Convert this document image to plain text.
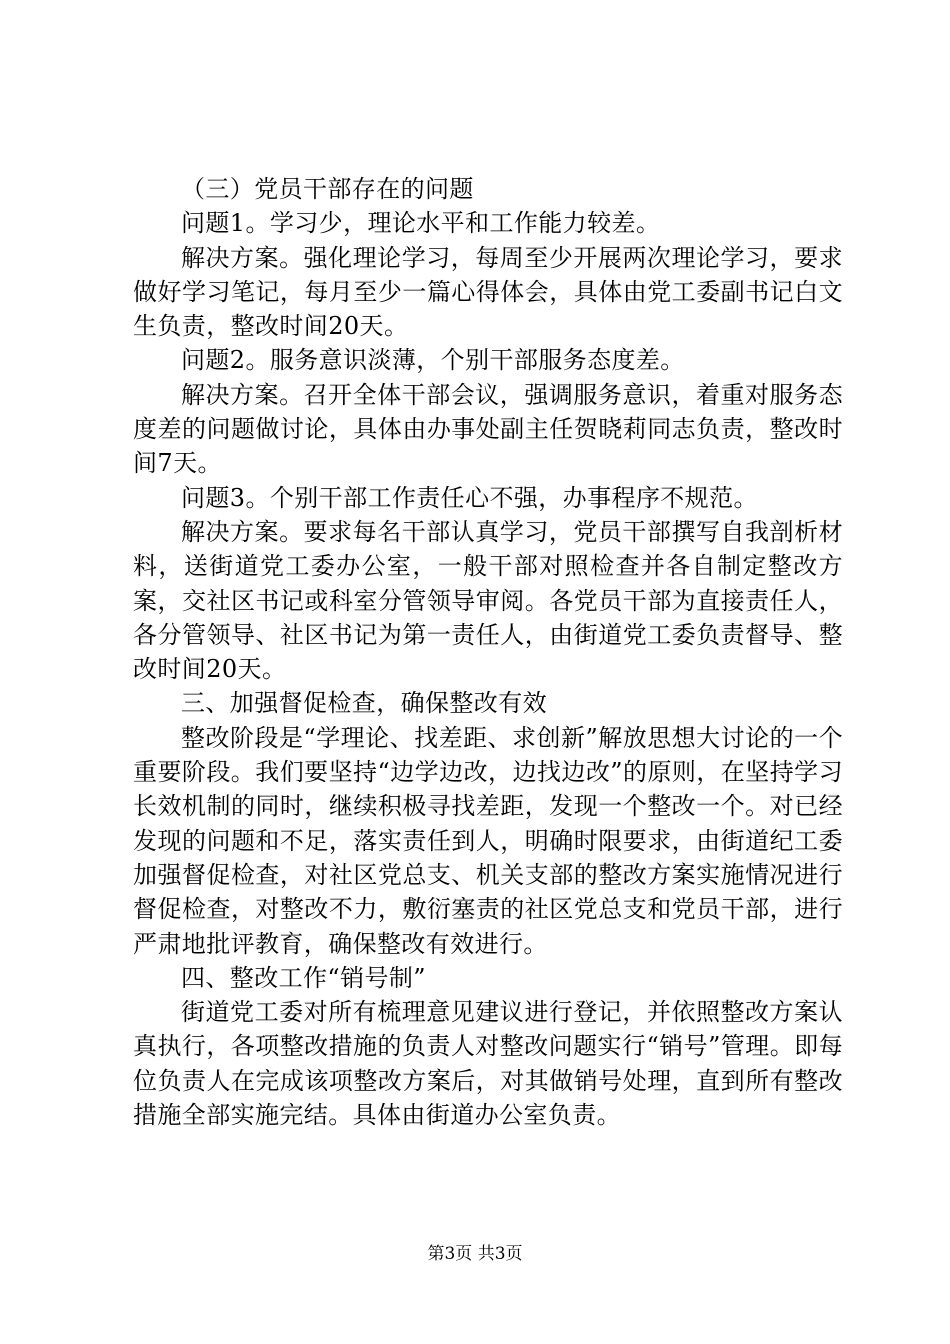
（三）党员干部存在的问题

问题1。学习少，理论水平和工作能力较差。

解决方案。强化理论学习，每周至少开展两次理论学习，要求做好学习笔记，每月至少一篇心得体会，具体由党工委副书记白文生负责，整改时间20天。

问题2。服务意识淡薄，个别干部服务态度差。

解决方案。召开全体干部会议，强调服务意识，着重对服务态度差的问题做讨论，具体由办事处副主任贺晓莉同志负责，整改时间7天。

问题3。个别干部工作责任心不强，办事程序不规范。

解决方案。要求每名干部认真学习，党员干部撰写自我剖析材料，送街道党工委办公室，一般干部对照检查并各自制定整改方案，交社区书记或科室分管领导审阅。各党员干部为直接责任人，各分管领导、社区书记为第一责任人，由街道党工委负责督导、整改时间20天。

三、加强督促检查，确保整改有效

整改阶段是“学理论、找差距、求创新”解放思想大讨论的一个重要阶段。我们要坚持“边学边改，边找边改”的原则，在坚持学习长效机制的同时，继续积极寻找差距，发现一个整改一个。对已经发现的问题和不足，落实责任到人，明确时限要求，由街道纪工委加强督促检查，对社区党总支、机关支部的整改方案实施情况进行督促检查，对整改不力，敷衍塞责的社区党总支和党员干部，进行严肃地批评教育，确保整改有效进行。

四、整改工作“销号制”

街道党工委对所有梳理意见建议进行登记，并依照整改方案认真执行，各项整改措施的负责人对整改问题实行“销号”管理。即每位负责人在完成该项整改方案后，对其做销号处理，直到所有整改措施全部实施完结。具体由街道办公室负责。

第3页 共3页
